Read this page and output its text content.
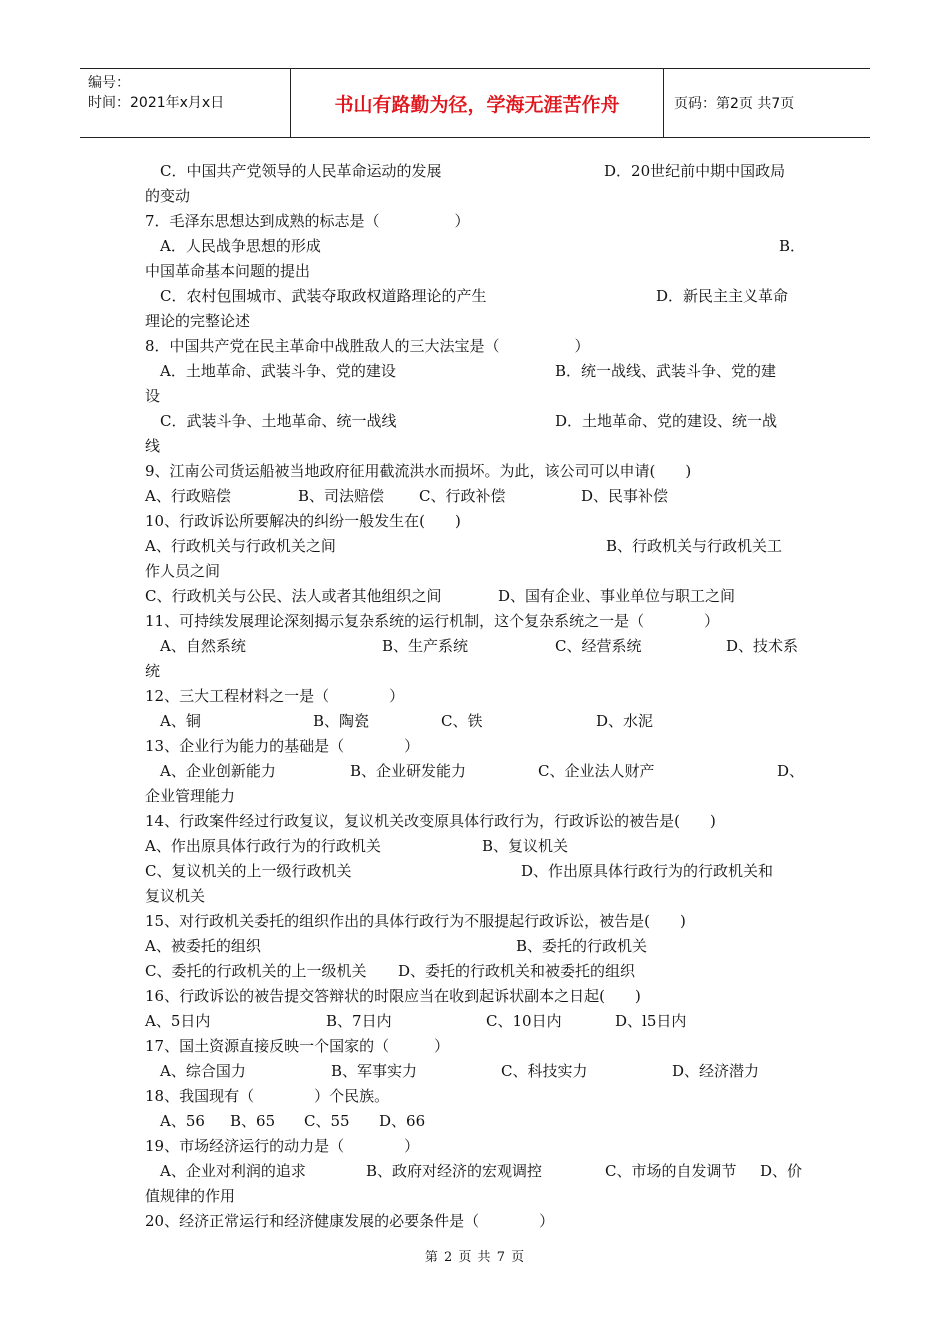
编号：
时间：2021年x月x日	书山有路勤为径，学海无涯苦作舟	页码：第2页 共7页
C．中国共产党领导的人民革命运动的发展	D．20世纪前中期中国政局
的变动
7．毛泽东思想达到成熟的标志是（　　　　　）
A．人民战争思想的形成	B．
中国革命基本问题的提出
C．农村包围城市、武装夺取政权道路理论的产生	D．新民主主义革命
理论的完整论述
8．中国共产党在民主革命中战胜敌人的三大法宝是（　　　　　）
A．土地革命、武装斗争、党的建设	B．统一战线、武装斗争、党的建
设
C．武装斗争、土地革命、统一战线	D．土地革命、党的建设、统一战
线
9、江南公司货运船被当地政府征用截流洪水而损坏。为此，该公司可以申请(　　)
A、行政赔偿	B、司法赔偿 C、行政补偿	D、民事补偿
10、行政诉讼所要解决的纠纷一般发生在(　　)
A、行政机关与行政机关之间	B、行政机关与行政机关工
作人员之间
C、行政机关与公民、法人或者其他组织之间	D、国有企业、事业单位与职工之间
11、可持续发展理论深刻揭示复杂系统的运行机制，这个复杂系统之一是（　　　　）
A、自然系统	B、生产系统	C、经营系统	D、技术系
统
12、三大工程材料之一是（　　　　）
A、铜	B、陶瓷	C、铁	D、水泥
13、企业行为能力的基础是（　　　　）
A、企业创新能力	B、企业研发能力	C、企业法人财产	D、
企业管理能力
14、行政案件经过行政复议，复议机关改变原具体行政行为，行政诉讼的被告是(　　)
A、作出原具体行政行为的行政机关	B、复议机关
C、复议机关的上一级行政机关	D、作出原具体行政行为的行政机关和
复议机关
15、对行政机关委托的组织作出的具体行政行为不服提起行政诉讼，被告是(　　)
A、被委托的组织	B、委托的行政机关
C、委托的行政机关的上一级机关 D、委托的行政机关和被委托的组织
16、行政诉讼的被告提交答辩状的时限应当在收到起诉状副本之日起(　　)
A、5日内	B、7日内	C、10日内	D、l5日内
17、国土资源直接反映一个国家的（　　　）
A、综合国力	B、军事实力	C、科技实力	D、经济潜力
18、我国现有（　　　　）个民族。
A、56 B、65 C、55 D、66
19、市场经济运行的动力是（　　　　）
A、企业对利润的追求	B、政府对经济的宏观调控	C、市场的自发调节 D、价
值规律的作用
20、经济正常运行和经济健康发展的必要条件是（　　　　）
第 2 页 共 7 页
